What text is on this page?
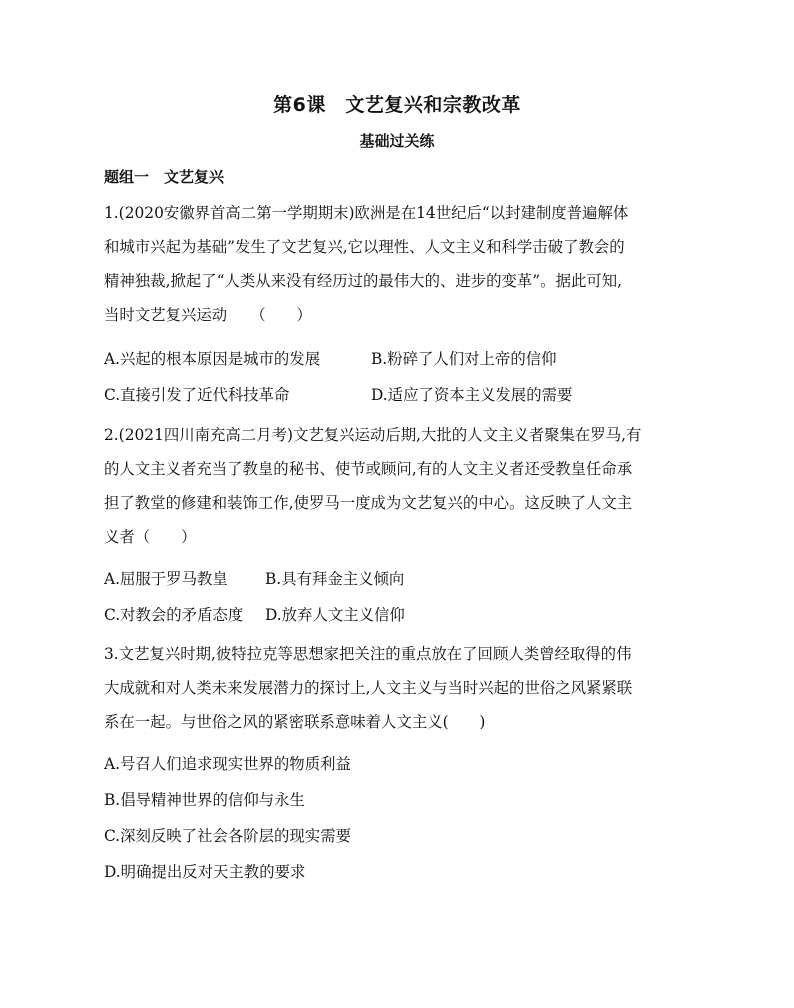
第6课　文艺复兴和宗教改革
基础过关练
题组一　文艺复兴
1.(2020安徽界首高二第一学期期末)欧洲是在14世纪后“以封建制度普遍解体
和城市兴起为基础”发生了文艺复兴,它以理性、人文主义和科学击破了教会的
精神独裁,掀起了“人类从来没有经历过的最伟大的、进步的变革”。据此可知,
当时文艺复兴运动　　（　　）
A.兴起的根本原因是城市的发展	B.粉碎了人们对上帝的信仰
C.直接引发了近代科技革命	D.适应了资本主义发展的需要
2.(2021四川南充高二月考)文艺复兴运动后期,大批的人文主义者聚集在罗马,有
的人文主义者充当了教皇的秘书、使节或顾问,有的人文主义者还受教皇任命承
担了教堂的修建和装饰工作,使罗马一度成为文艺复兴的中心。这反映了人文主
义者（　　）
A.屈服于罗马教皇 B.具有拜金主义倾向
C.对教会的矛盾态度 D.放弃人文主义信仰
3.文艺复兴时期,彼特拉克等思想家把关注的重点放在了回顾人类曾经取得的伟
大成就和对人类未来发展潜力的探讨上,人文主义与当时兴起的世俗之风紧紧联
系在一起。与世俗之风的紧密联系意味着人文主义(　　)
A.号召人们追求现实世界的物质利益
B.倡导精神世界的信仰与永生
C.深刻反映了社会各阶层的现实需要
D.明确提出反对天主教的要求
